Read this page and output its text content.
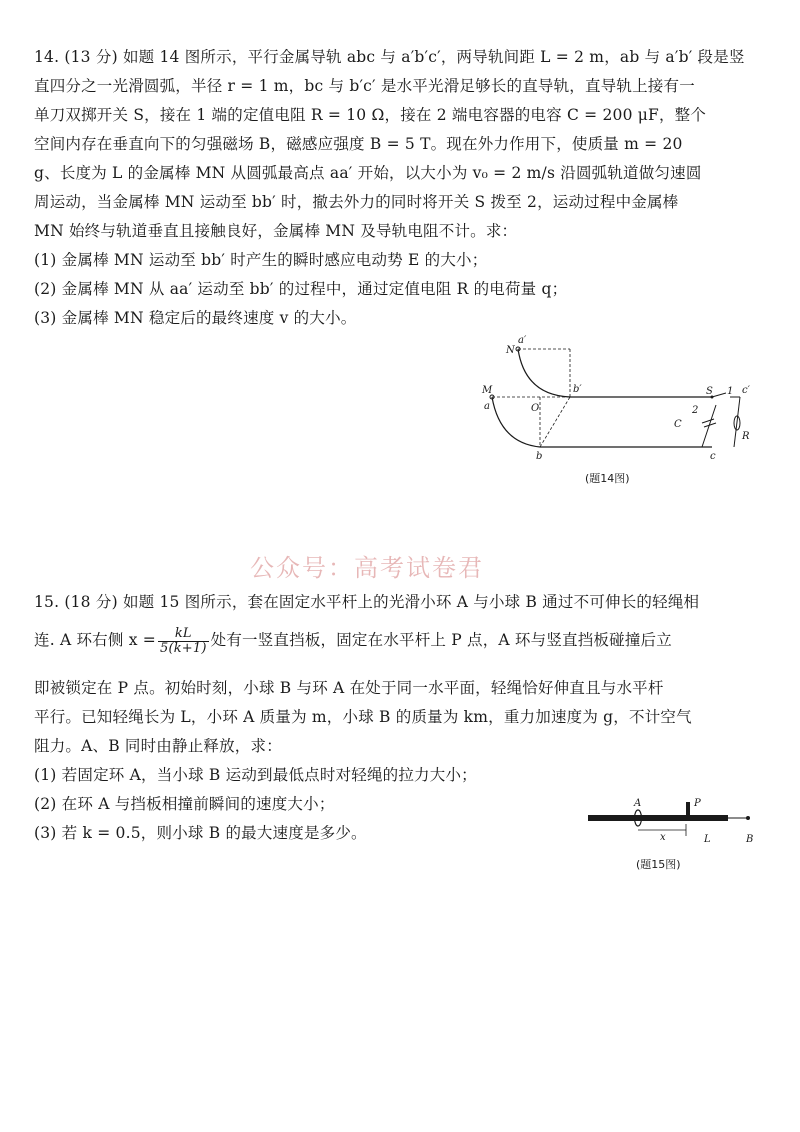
14. (13 分) 如题 14 图所示，平行金属导轨 abc 与 a′b′c′，两导轨间距 L = 2 m，ab 与 a′b′ 段是竖
直四分之一光滑圆弧，半径 r = 1 m，bc 与 b′c′ 是水平光滑足够长的直导轨，直导轨上接有一
单刀双掷开关 S，接在 1 端的定值电阻 R = 10 Ω，接在 2 端电容器的电容 C = 200 μF，整个
空间内存在垂直向下的匀强磁场 B，磁感应强度 B = 5 T。现在外力作用下，使质量 m = 20
g、长度为 L 的金属棒 MN 从圆弧最高点 aa′ 开始，以大小为 v₀ = 2 m/s 沿圆弧轨道做匀速圆
周运动，当金属棒 MN 运动至 bb′ 时，撤去外力的同时将开关 S 拨至 2，运动过程中金属棒
MN 始终与轨道垂直且接触良好，金属棒 MN 及导轨电阻不计。求：
(1) 金属棒 MN 运动至 bb′ 时产生的瞬时感应电动势 E 的大小；
(2) 金属棒 MN 从 aa′ 运动至 bb′ 的过程中，通过定值电阻 R 的电荷量 q；
(3) 金属棒 MN 稳定后的最终速度 v 的大小。
a′
N
M
a
b′
O
b
S 1 c′
2
C
R
c
(题14图)
公众号：高考试卷君
15. (18 分) 如题 15 图所示，套在固定水平杆上的光滑小环 A 与小球 B 通过不可伸长的轻绳相
连. A 环右侧 $x = \frac{kL}{5(k+1)}$ 处有一竖直挡板，固定在水平杆上 P 点，A 环与竖直挡板碰撞后立
即被锁定在 P 点。初始时刻，小球 B 与环 A 在处于同一水平面，轻绳恰好伸直且与水平杆
平行。已知轻绳长为 L，小环 A 质量为 m，小球 B 的质量为 km，重力加速度为 g，不计空气
阻力。A、B 同时由静止释放，求：
(1) 若固定环 A，当小球 B 运动到最低点时对轻绳的拉力大小；
(2) 在环 A 与挡板相撞前瞬间的速度大小；
(3) 若 k = 0.5，则小球 B 的最大速度是多少。
A	P
x	L	B
(题15图)
